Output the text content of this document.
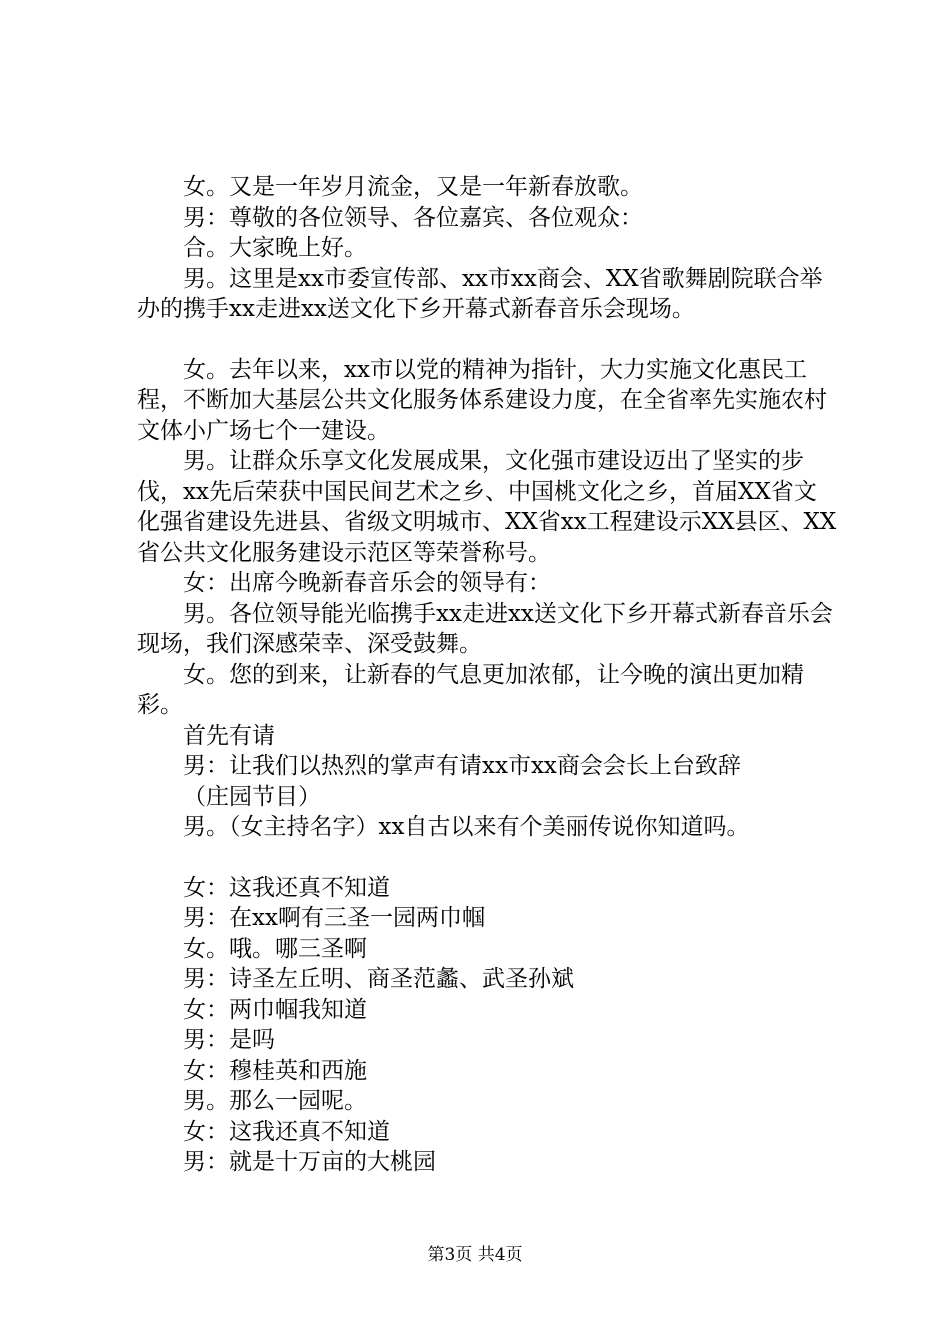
女。又是一年岁月流金，又是一年新春放歌。

男：尊敬的各位领导、各位嘉宾、各位观众：

合。大家晚上好。

男。这里是xx市委宣传部、xx市xx商会、XX省歌舞剧院联合举办的携手xx走进xx送文化下乡开幕式新春音乐会现场。

女。去年以来，xx市以党的精神为指针，大力实施文化惠民工程，不断加大基层公共文化服务体系建设力度，在全省率先实施农村文体小广场七个一建设。

男。让群众乐享文化发展成果，文化强市建设迈出了坚实的步伐，xx先后荣获中国民间艺术之乡、中国桃文化之乡，首届XX省文化强省建设先进县、省级文明城市、XX省xx工程建设示XX县区、XX省公共文化服务建设示范区等荣誉称号。

女：出席今晚新春音乐会的领导有：

男。各位领导能光临携手xx走进xx送文化下乡开幕式新春音乐会现场，我们深感荣幸、深受鼓舞。

女。您的到来，让新春的气息更加浓郁，让今晚的演出更加精彩。

首先有请

男：让我们以热烈的掌声有请xx市xx商会会长上台致辞

（庄园节目）

男。（女主持名字）xx自古以来有个美丽传说你知道吗。

女：这我还真不知道

男：在xx啊有三圣一园两巾帼

女。哦。哪三圣啊

男：诗圣左丘明、商圣范蠡、武圣孙斌

女：两巾帼我知道

男：是吗

女：穆桂英和西施

男。那么一园呢。

女：这我还真不知道

男：就是十万亩的大桃园

第3页 共4页
